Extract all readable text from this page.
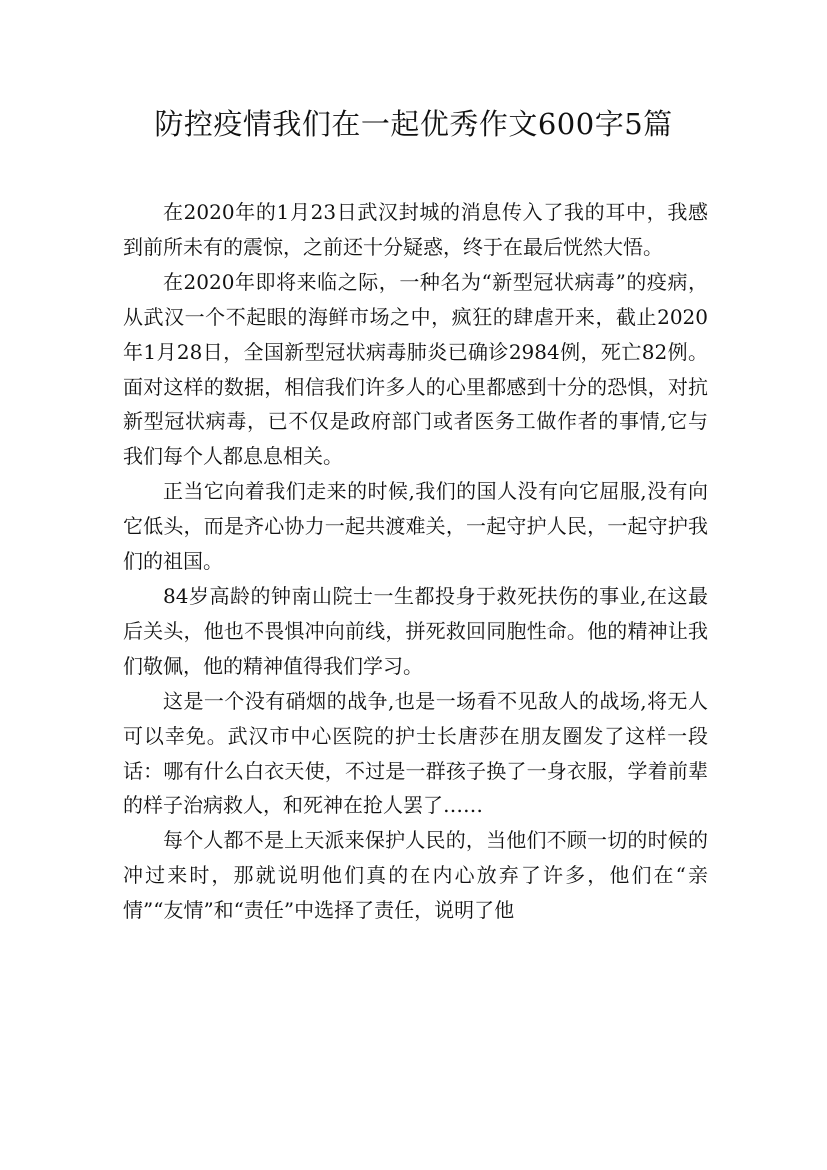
防控疫情我们在一起优秀作文600字5篇

在2020年的1月23日武汉封城的消息传入了我的耳中，我感到前所未有的震惊，之前还十分疑惑，终于在最后恍然大悟。

在2020年即将来临之际，一种名为“新型冠状病毒”的疫病，从武汉一个不起眼的海鲜市场之中，疯狂的肆虐开来，截止2020年1月28日，全国新型冠状病毒肺炎已确诊2984例，死亡82例。面对这样的数据，相信我们许多人的心里都感到十分的恐惧，对抗新型冠状病毒，已不仅是政府部门或者医务工做作者的事情,它与我们每个人都息息相关。

正当它向着我们走来的时候,我们的国人没有向它屈服,没有向它低头，而是齐心协力一起共渡难关，一起守护人民，一起守护我们的祖国。

84岁高龄的钟南山院士一生都投身于救死扶伤的事业,在这最后关头，他也不畏惧冲向前线，拼死救回同胞性命。他的精神让我们敬佩，他的精神值得我们学习。

这是一个没有硝烟的战争,也是一场看不见敌人的战场,将无人可以幸免。武汉市中心医院的护士长唐莎在朋友圈发了这样一段话：哪有什么白衣天使，不过是一群孩子换了一身衣服，学着前辈的样子治病救人，和死神在抢人罢了……

每个人都不是上天派来保护人民的，当他们不顾一切的时候的冲过来时，那就说明他们真的在内心放弃了许多，他们在“亲情”“友情”和“责任”中选择了责任，说明了他
